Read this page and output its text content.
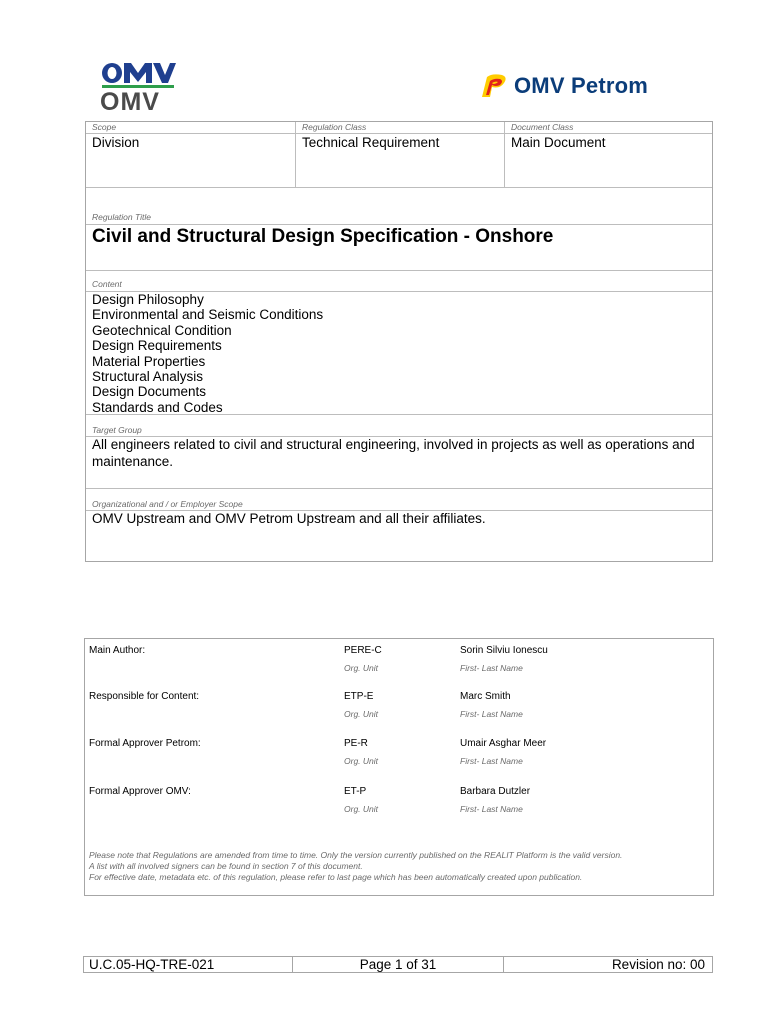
OMV
OMV Petrom
Scope
Division
Regulation Class
Technical Requirement
Document Class
Main Document
Regulation Title
Civil and Structural Design Specification - Onshore
Content
Design Philosophy
Environmental and Seismic Conditions
Geotechnical Condition
Design Requirements
Material Properties
Structural Analysis
Design Documents
Standards and Codes
Target Group
All engineers related to civil and structural engineering, involved in projects as well as operations and maintenance.
Organizational and / or Employer Scope
OMV Upstream and OMV Petrom Upstream and all their affiliates.
Main Author:	PERE-C	Sorin Silviu Ionescu
Org. Unit	First- Last Name
Responsible for Content:	ETP-E	Marc Smith
Org. Unit	First- Last Name
Formal Approver Petrom:	PE-R	Umair Asghar Meer
Org. Unit	First- Last Name
Formal Approver OMV:	ET-P	Barbara Dutzler
Org. Unit	First- Last Name
Please note that Regulations are amended from time to time. Only the version currently published on the REALIT Platform is the valid version.
A list with all involved signers can be found in section 7 of this document.
For effective date, metadata etc. of this regulation, please refer to last page which has been automatically created upon publication.
U.C.05-HQ-TRE-021	Page 1 of 31	Revision no: 00
